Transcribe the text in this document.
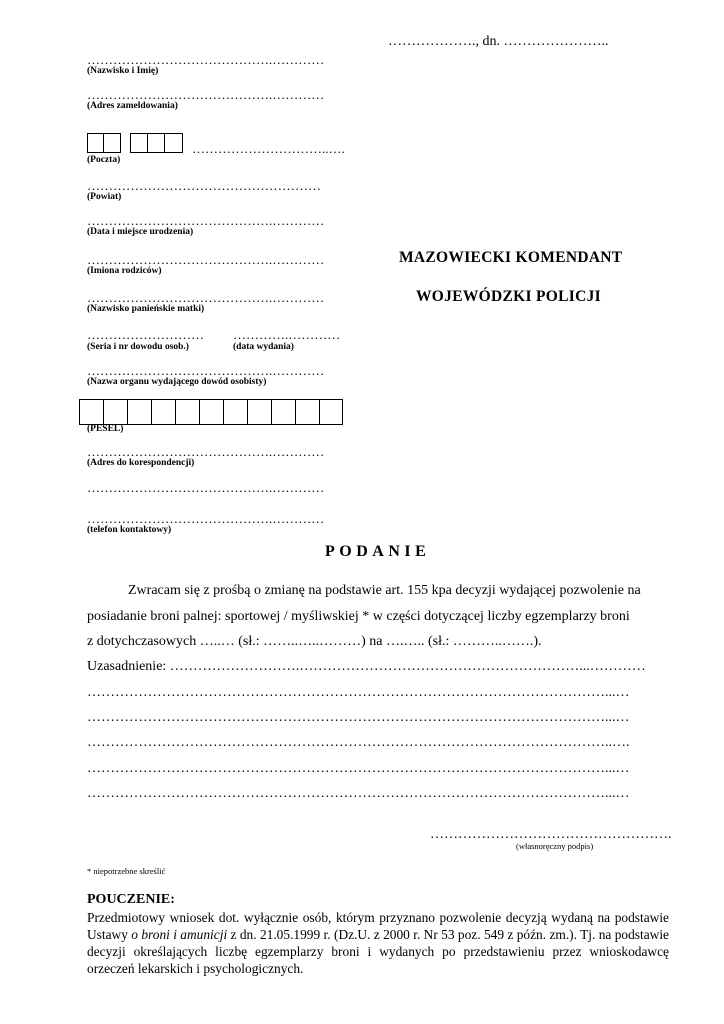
………………., dn. …………………..
…………………………………….…………
(Nazwisko i Imię)
…………………………………….…………
(Adres zameldowania)
…………………………..….
(Poczta)
………………………………………………
(Powiat)
…………………………………….…………
(Data i miejsce urodzenia)
…………………………………….…………
(Imiona rodziców)
MAZOWIECKI KOMENDANT
WOJEWÓDZKI POLICJI
…………………………………….…………
(Nazwisko panieńskie matki)
……………………… ………….…………
(Seria i nr dowodu osob.)	(data wydania)
…………………………………….…………
(Nazwa organu wydającego dowód osobisty)
(PESEL)
…………………………………….…………
(Adres do korespondencji)
…………………………………….…………
…………………………………….…………
(telefon kontaktowy)
PODANIE
Zwracam się z prośbą o zmianę na podstawie art. 155 kpa decyzji wydającej pozwolenie na
posiadanie broni palnej: sportowej / myśliwskiej * w części dotyczącej liczby egzemplarzy broni
z dotychczasowych …..… (sł.: ……..…..………) na ….….. (sł.: ………..…….).
Uzasadnienie: ……………………….……………………………………………………...…………
…………………………………………………………………………………………………...…
…………………………………………………………………………………………………...…
…………………………………………………………………………………………………..….
…………………………………………………………………………………………………...…
…………………………………………………………………………………………………...…
…………………………………………….
(własnoręczny podpis)
* niepotrzebne skreślić
POUCZENIE:
Przedmiotowy wniosek dot. wyłącznie osób, którym przyznano pozwolenie decyzją wydaną na podstawie Ustawy o broni i amunicji z dn. 21.05.1999 r. (Dz.U. z 2000 r. Nr 53 poz. 549 z późn. zm.). Tj. na podstawie decyzji określających liczbę egzemplarzy broni i wydanych po przedstawieniu przez wnioskodawcę orzeczeń lekarskich i psychologicznych.
